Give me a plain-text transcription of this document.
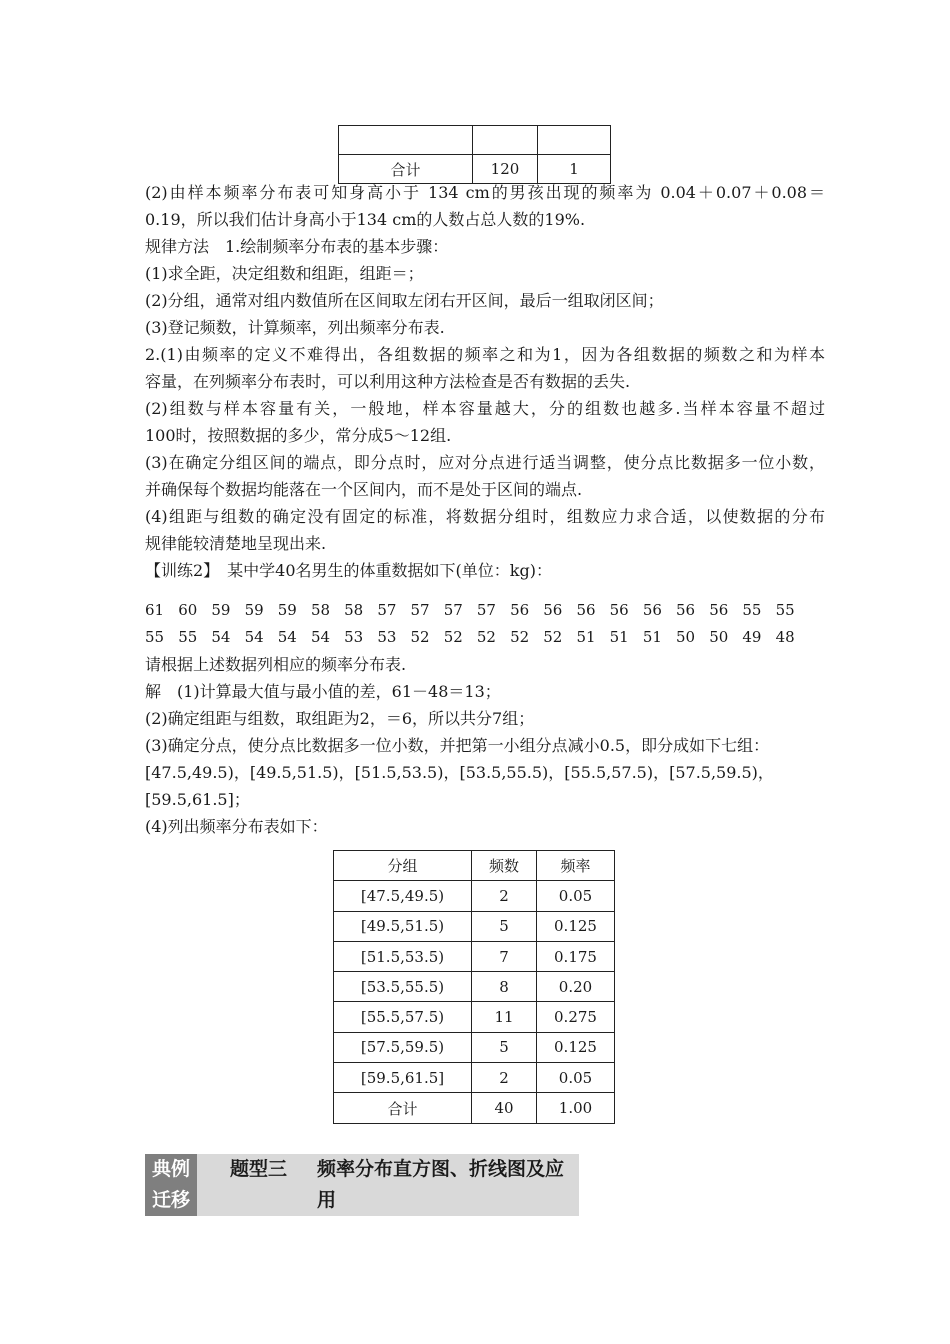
合计	120	1
(2)由样本频率分布表可知身高小于 134 cm的男孩出现的频率为 0.04＋0.07＋0.08＝
0.19，所以我们估计身高小于134 cm的人数占总人数的19%.
规律方法　1.绘制频率分布表的基本步骤：
(1)求全距，决定组数和组距，组距＝；
(2)分组，通常对组内数值所在区间取左闭右开区间，最后一组取闭区间；
(3)登记频数，计算频率，列出频率分布表.
2.(1)由频率的定义不难得出，各组数据的频率之和为1，因为各组数据的频数之和为样本
容量，在列频率分布表时，可以利用这种方法检查是否有数据的丢失.
(2)组数与样本容量有关，一般地，样本容量越大，分的组数也越多.当样本容量不超过
100时，按照数据的多少，常分成5～12组.
(3)在确定分组区间的端点，即分点时，应对分点进行适当调整，使分点比数据多一位小数，
并确保每个数据均能落在一个区间内，而不是处于区间的端点.
(4)组距与组数的确定没有固定的标准，将数据分组时，组数应力求合适，以使数据的分布
规律能较清楚地呈现出来.
【训练2】　某中学40名男生的体重数据如下(单位：kg)：
61 60 59 59 59 58 58 57 57 57 57 56 56 56 56 56 56 56 55 55
55 55 54 54 54 54 53 53 52 52 52 52 52 51 51 51 50 50 49 48
请根据上述数据列相应的频率分布表.
解　(1)计算最大值与最小值的差，61－48＝13；
(2)确定组距与组数，取组距为2，＝6，所以共分7组；
(3)确定分点，使分点比数据多一位小数，并把第一小组分点减小0.5，即分成如下七组：
[47.5,49.5)，[49.5,51.5)，[51.5,53.5)，[53.5,55.5)，[55.5,57.5)，[57.5,59.5)，
[59.5,61.5]；
(4)列出频率分布表如下：
分组	频数	频率
[47.5,49.5)	2	0.05
[49.5,51.5)	5	0.125
[51.5,53.5)	7	0.175
[53.5,55.5)	8	0.20
[55.5,57.5)	11	0.275
[57.5,59.5)	5	0.125
[59.5,61.5]	2	0.05
合计	40	1.00
典例
迁移
题型三 频率分布直方图、折线图及应用
